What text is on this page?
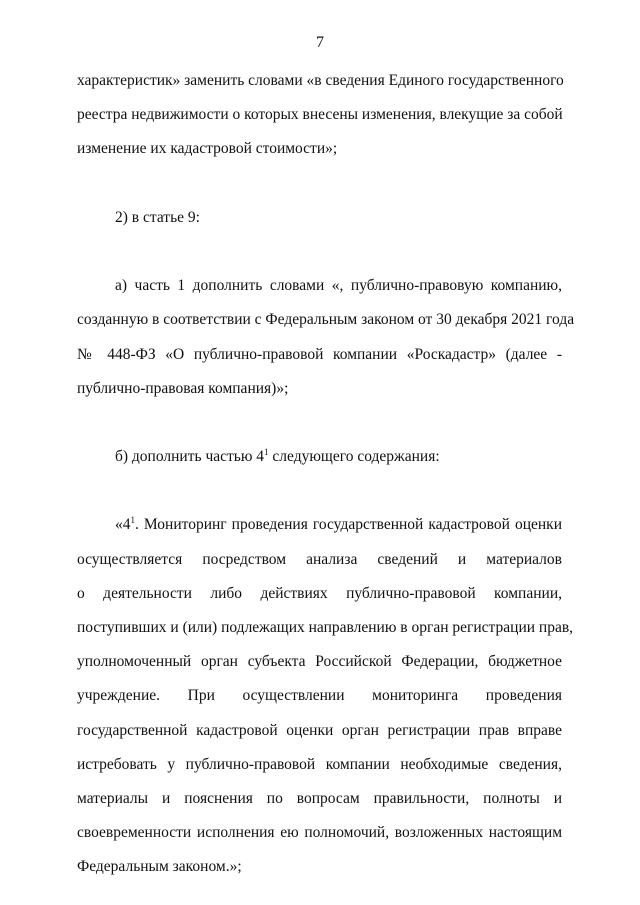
7
характеристик» заменить словами «в сведения Единого государственного
реестра недвижимости о которых внесены изменения, влекущие за собой
изменение их кадастровой стоимости»;
2) в статье 9:
а) часть 1 дополнить словами «, публично-правовую компанию,
созданную в соответствии с Федеральным законом от 30 декабря 2021 года
№ 448-ФЗ «О публично-правовой компании «Роскадастр» (далее -
публично-правовая компания)»;
б) дополнить частью $4^1$ следующего содержания:
«$4^1$. Мониторинг проведения государственной кадастровой оценки
осуществляется посредством анализа сведений и материалов
о деятельности либо действиях публично-правовой компании,
поступивших и (или) подлежащих направлению в орган регистрации прав,
уполномоченный орган субъекта Российской Федерации, бюджетное
учреждение. При осуществлении мониторинга проведения
государственной кадастровой оценки орган регистрации прав вправе
истребовать у публично-правовой компании необходимые сведения,
материалы и пояснения по вопросам правильности, полноты и
своевременности исполнения ею полномочий, возложенных настоящим
Федеральным законом.»;
